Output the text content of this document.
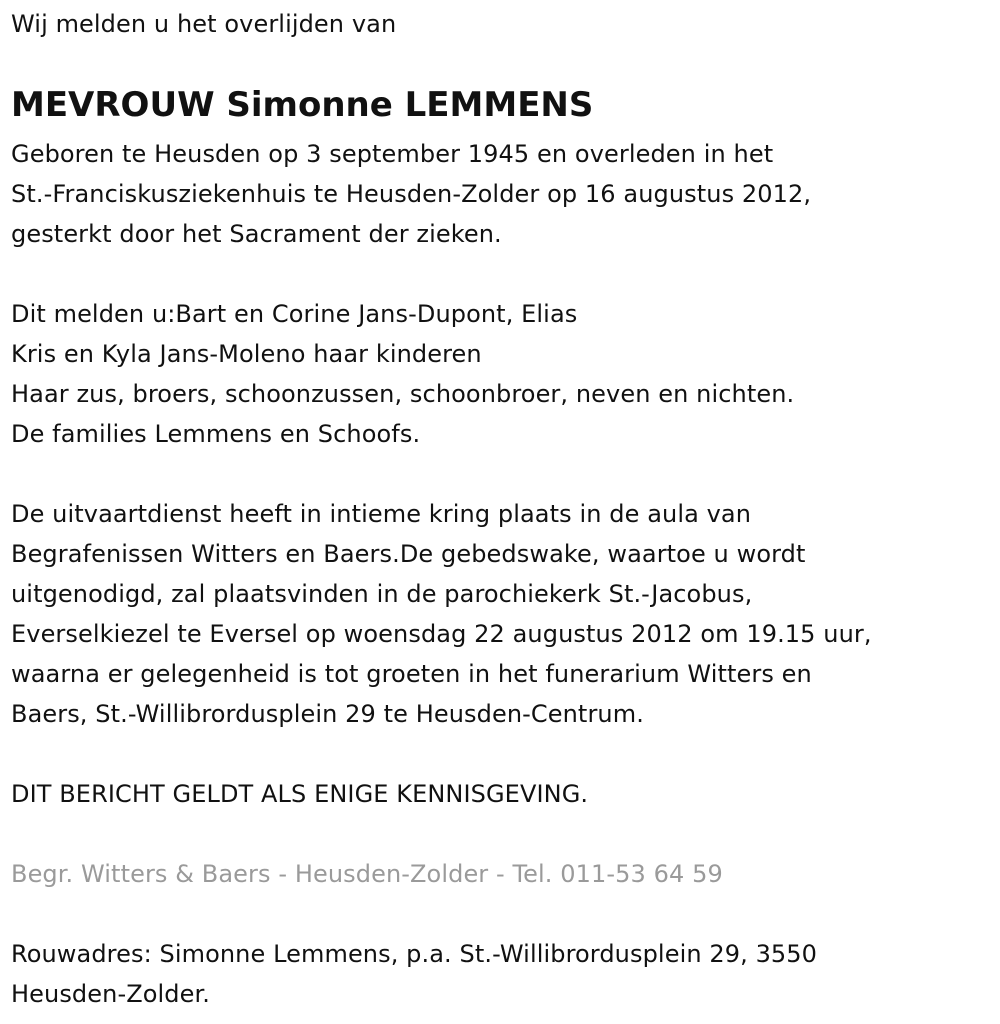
Wij melden u het overlijden van

MEVROUW Simonne LEMMENS

Geboren te Heusden op 3 september 1945 en overleden in het

St.-Franciskusziekenhuis te Heusden-Zolder op 16 augustus 2012,

gesterkt door het Sacrament der zieken.

Dit melden u:Bart en Corine Jans-Dupont, Elias

Kris en Kyla Jans-Moleno haar kinderen

Haar zus, broers, schoonzussen, schoonbroer, neven en nichten.

De families Lemmens en Schoofs.

De uitvaartdienst heeft in intieme kring plaats in de aula van

Begrafenissen Witters en Baers.De gebedswake, waartoe u wordt

uitgenodigd, zal plaatsvinden in de parochiekerk St.-Jacobus,

Everselkiezel te Eversel op woensdag 22 augustus 2012 om 19.15 uur,

waarna er gelegenheid is tot groeten in het funerarium Witters en

Baers, St.-Willibrordusplein 29 te Heusden-Centrum.

DIT BERICHT GELDT ALS ENIGE KENNISGEVING.

Begr. Witters & Baers - Heusden-Zolder - Tel. 011-53 64 59

Rouwadres: Simonne Lemmens, p.a. St.-Willibrordusplein 29, 3550

Heusden-Zolder.
